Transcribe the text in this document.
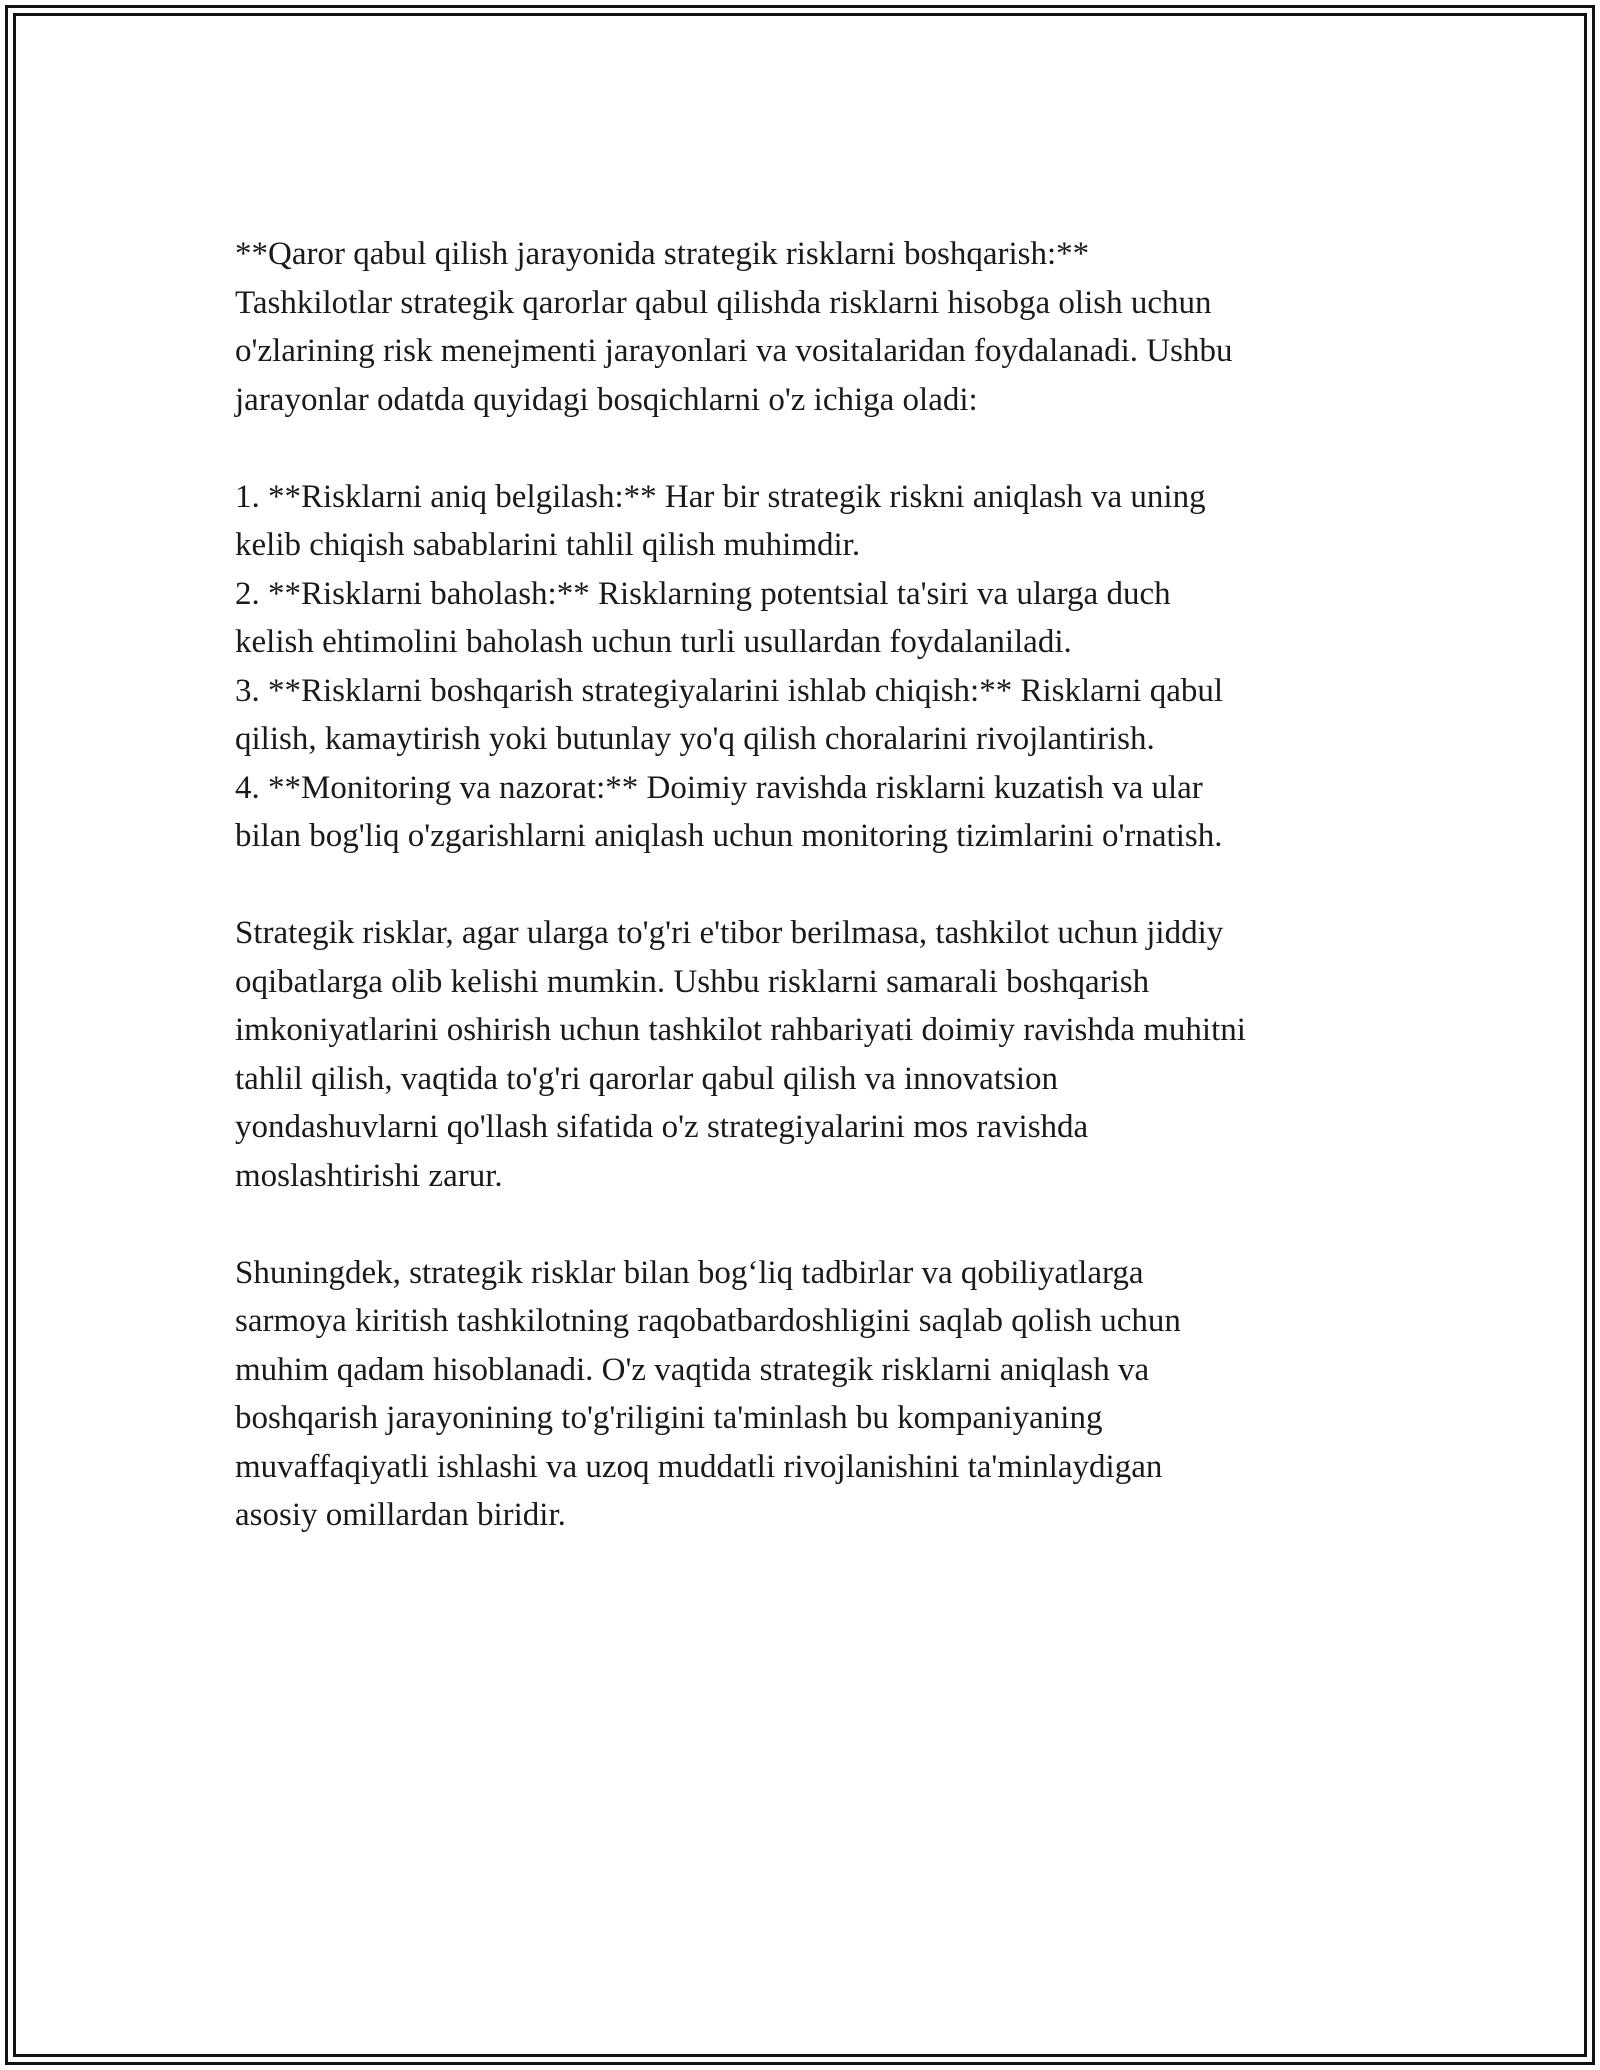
**Qaror qabul qilish jarayonida strategik risklarni boshqarish:**

Tashkilotlar strategik qarorlar qabul qilishda risklarni hisobga olish uchun

o'zlarining risk menejmenti jarayonlari va vositalaridan foydalanadi. Ushbu

jarayonlar odatda quyidagi bosqichlarni o'z ichiga oladi:

1. **Risklarni aniq belgilash:** Har bir strategik riskni aniqlash va uning

kelib chiqish sabablarini tahlil qilish muhimdir.

2. **Risklarni baholash:** Risklarning potentsial ta'siri va ularga duch

kelish ehtimolini baholash uchun turli usullardan foydalaniladi.

3. **Risklarni boshqarish strategiyalarini ishlab chiqish:** Risklarni qabul

qilish, kamaytirish yoki butunlay yo'q qilish choralarini rivojlantirish.

4. **Monitoring va nazorat:** Doimiy ravishda risklarni kuzatish va ular

bilan bog'liq o'zgarishlarni aniqlash uchun monitoring tizimlarini o'rnatish.

Strategik risklar, agar ularga to'g'ri e'tibor berilmasa, tashkilot uchun jiddiy

oqibatlarga olib kelishi mumkin. Ushbu risklarni samarali boshqarish

imkoniyatlarini oshirish uchun tashkilot rahbariyati doimiy ravishda muhitni

tahlil qilish, vaqtida to'g'ri qarorlar qabul qilish va innovatsion

yondashuvlarni qo'llash sifatida o'z strategiyalarini mos ravishda

moslashtirishi zarur.

Shuningdek, strategik risklar bilan bog‘liq tadbirlar va qobiliyatlarga

sarmoya kiritish tashkilotning raqobatbardoshligini saqlab qolish uchun

muhim qadam hisoblanadi. O'z vaqtida strategik risklarni aniqlash va

boshqarish jarayonining to'g'riligini ta'minlash bu kompaniyaning

muvaffaqiyatli ishlashi va uzoq muddatli rivojlanishini ta'minlaydigan

asosiy omillardan biridir.
